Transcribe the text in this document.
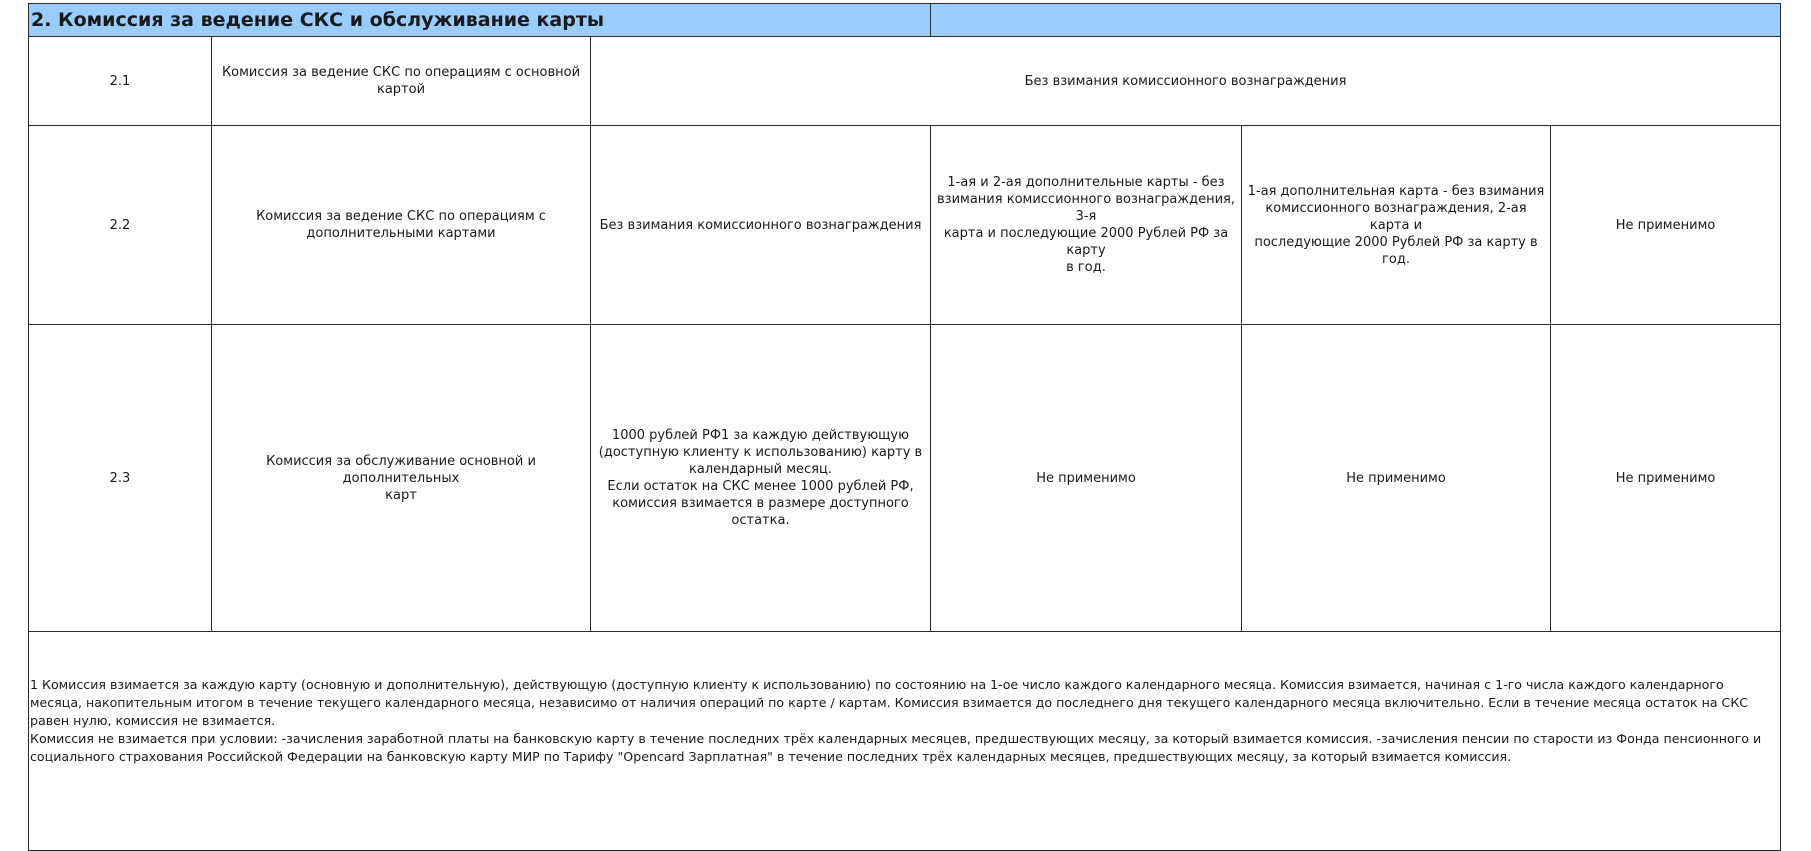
2. Комиссия за ведение СКС и обслуживание карты					
2.1	Комиссия за ведение СКС по операциям с основной картой	Без взимания комиссионного вознаграждения			
2.2	Комиссия за ведение СКС по операциям с
дополнительными картами	Без взимания комиссионного вознаграждения	1-ая и 2-ая дополнительные карты - без
взимания комиссионного вознаграждения, 3-я
карта и последующие 2000 Рублей РФ за карту
в год.	1-ая дополнительная карта - без взимания
комиссионного вознаграждения, 2-ая карта и
последующие 2000 Рублей РФ за карту в год.	Не применимо
2.3	Комиссия за обслуживание основной и дополнительных
карт	1000 рублей РФ1 за каждую действующую
(доступную клиенту к использованию) карту в
календарный месяц.
Если остаток на СКС менее 1000 рублей РФ,
комиссия взимается в размере доступного остатка.	Не применимо	Не применимо	Не применимо

1 Комиссия взимается за каждую карту (основную и дополнительную), действующую (доступную клиенту к использованию) по состоянию на 1-ое число каждого календарного месяца. Комиссия взимается, начиная с 1-го числа каждого календарного месяца, накопительным итогом в течение текущего календарного месяца, независимо от наличия операций по карте / картам. Комиссия взимается до последнего дня текущего календарного месяца включительно. Если в течение месяца остаток на СКС равен нулю, комиссия не взимается.
Комиссия не взимается при условии: -зачисления заработной платы на банковскую карту в течение последних трёх календарных месяцев, предшествующих месяцу, за который взимается комиссия. -зачисления пенсии по старости из Фонда пенсионного и социального страхования Российской Федерации на банковскую карту МИР по Тарифу "Opencard Зарплатная" в течение последних трёх календарных месяцев, предшествующих месяцу, за который взимается комиссия.					
